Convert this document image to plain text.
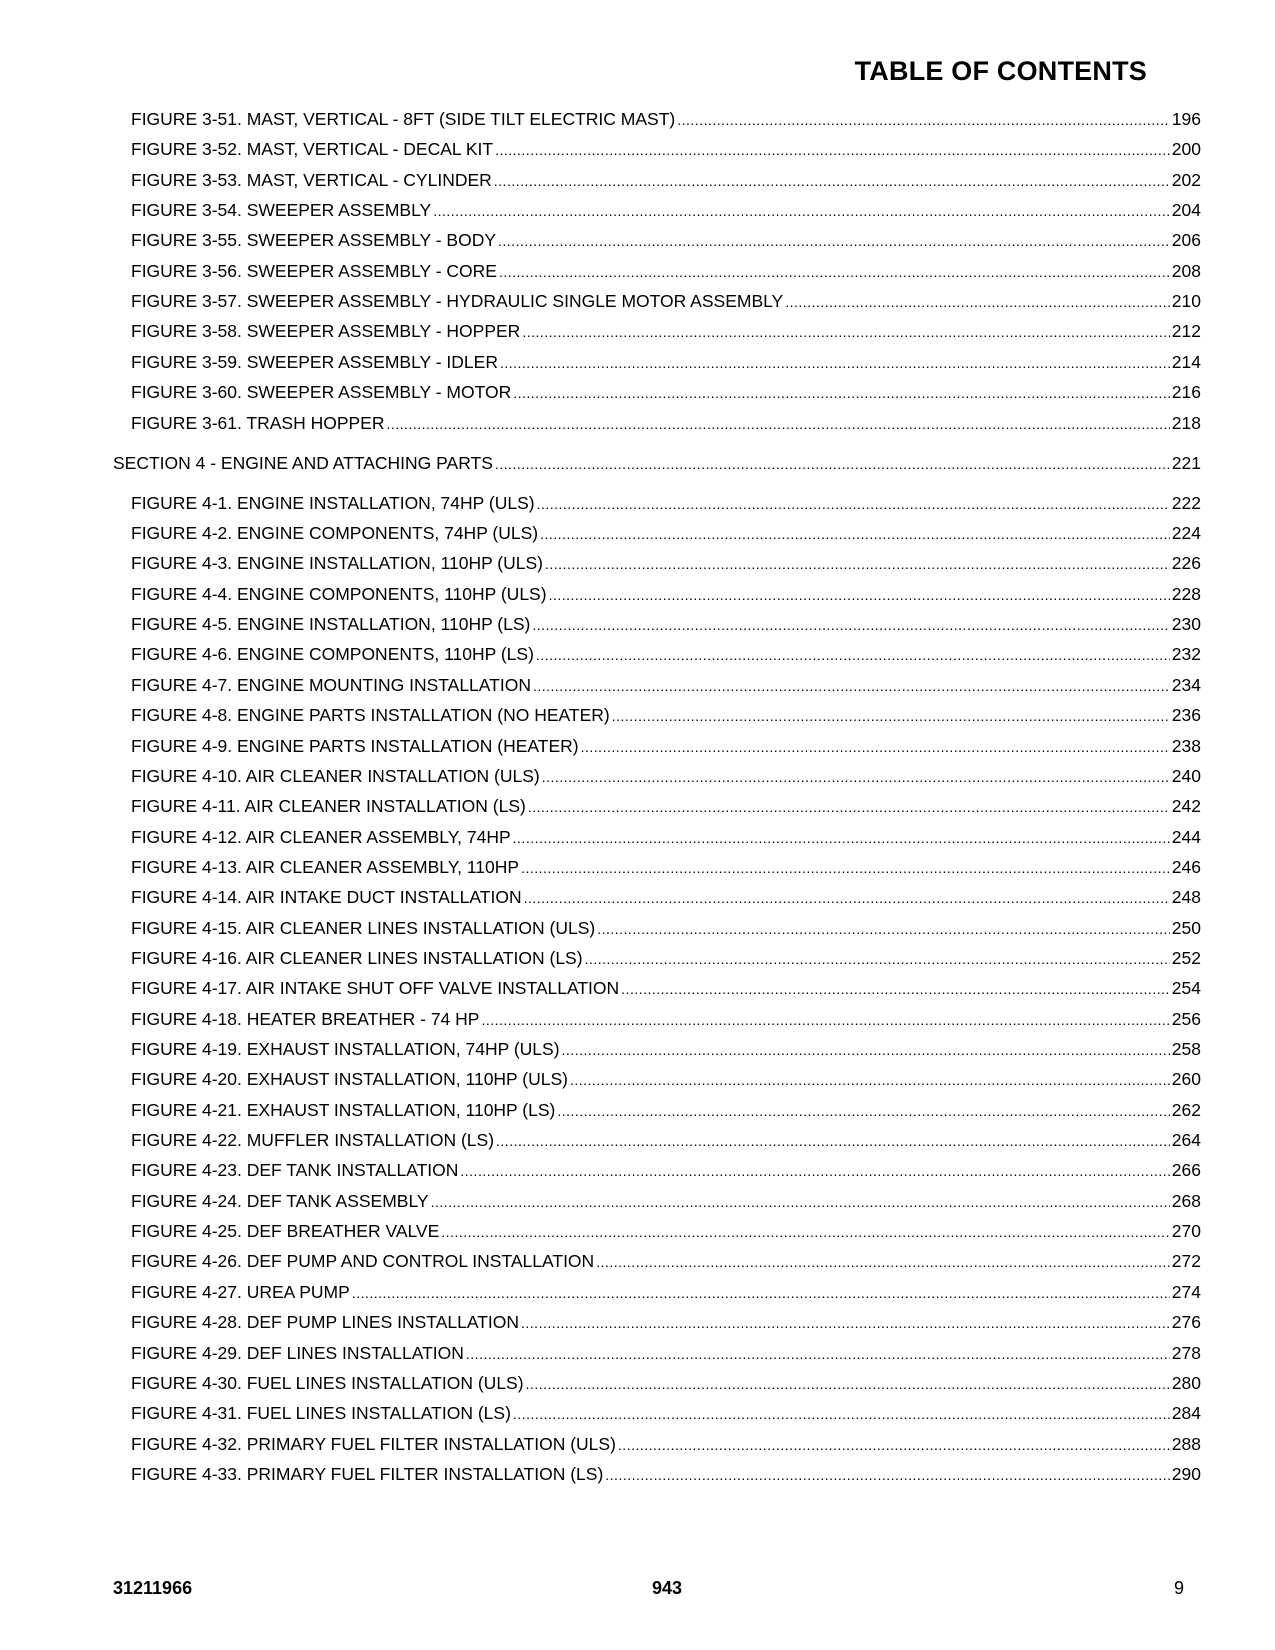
TABLE OF CONTENTS
FIGURE 3-51. MAST, VERTICAL - 8FT (SIDE TILT ELECTRIC MAST) .....	196
FIGURE 3-52. MAST, VERTICAL - DECAL KIT .....	200
FIGURE 3-53. MAST, VERTICAL - CYLINDER .....	202
FIGURE 3-54. SWEEPER ASSEMBLY .....	204
FIGURE 3-55. SWEEPER ASSEMBLY - BODY .....	206
FIGURE 3-56. SWEEPER ASSEMBLY - CORE .....	208
FIGURE 3-57. SWEEPER ASSEMBLY - HYDRAULIC SINGLE MOTOR ASSEMBLY .....	210
FIGURE 3-58. SWEEPER ASSEMBLY - HOPPER .....	212
FIGURE 3-59. SWEEPER ASSEMBLY - IDLER .....	214
FIGURE 3-60. SWEEPER ASSEMBLY - MOTOR .....	216
FIGURE 3-61. TRASH HOPPER .....	218
SECTION 4 - ENGINE AND ATTACHING PARTS .....	221
FIGURE 4-1. ENGINE INSTALLATION, 74HP (ULS) .....	222
FIGURE 4-2. ENGINE COMPONENTS, 74HP (ULS) .....	224
FIGURE 4-3. ENGINE INSTALLATION, 110HP (ULS) .....	226
FIGURE 4-4. ENGINE COMPONENTS, 110HP (ULS) .....	228
FIGURE 4-5. ENGINE INSTALLATION, 110HP (LS) .....	230
FIGURE 4-6. ENGINE COMPONENTS, 110HP (LS) .....	232
FIGURE 4-7. ENGINE MOUNTING INSTALLATION .....	234
FIGURE 4-8. ENGINE PARTS INSTALLATION (NO HEATER) .....	236
FIGURE 4-9. ENGINE PARTS INSTALLATION (HEATER) .....	238
FIGURE 4-10. AIR CLEANER INSTALLATION (ULS) .....	240
FIGURE 4-11. AIR CLEANER INSTALLATION (LS) .....	242
FIGURE 4-12. AIR CLEANER ASSEMBLY, 74HP .....	244
FIGURE 4-13. AIR CLEANER ASSEMBLY, 110HP .....	246
FIGURE 4-14. AIR INTAKE DUCT INSTALLATION .....	248
FIGURE 4-15. AIR CLEANER LINES INSTALLATION (ULS) .....	250
FIGURE 4-16. AIR CLEANER LINES INSTALLATION (LS) .....	252
FIGURE 4-17. AIR INTAKE SHUT OFF VALVE INSTALLATION .....	254
FIGURE 4-18. HEATER BREATHER - 74 HP .....	256
FIGURE 4-19. EXHAUST INSTALLATION, 74HP (ULS) .....	258
FIGURE 4-20. EXHAUST INSTALLATION, 110HP (ULS) .....	260
FIGURE 4-21. EXHAUST INSTALLATION, 110HP (LS) .....	262
FIGURE 4-22. MUFFLER INSTALLATION (LS) .....	264
FIGURE 4-23. DEF TANK INSTALLATION .....	266
FIGURE 4-24. DEF TANK ASSEMBLY .....	268
FIGURE 4-25. DEF BREATHER VALVE .....	270
FIGURE 4-26. DEF PUMP AND CONTROL INSTALLATION .....	272
FIGURE 4-27. UREA PUMP .....	274
FIGURE 4-28. DEF PUMP LINES INSTALLATION .....	276
FIGURE 4-29. DEF LINES INSTALLATION .....	278
FIGURE 4-30. FUEL LINES INSTALLATION (ULS) .....	280
FIGURE 4-31. FUEL LINES INSTALLATION (LS) .....	284
FIGURE 4-32. PRIMARY FUEL FILTER INSTALLATION (ULS) .....	288
FIGURE 4-33. PRIMARY FUEL FILTER INSTALLATION (LS) .....	290
31211966	943	9
